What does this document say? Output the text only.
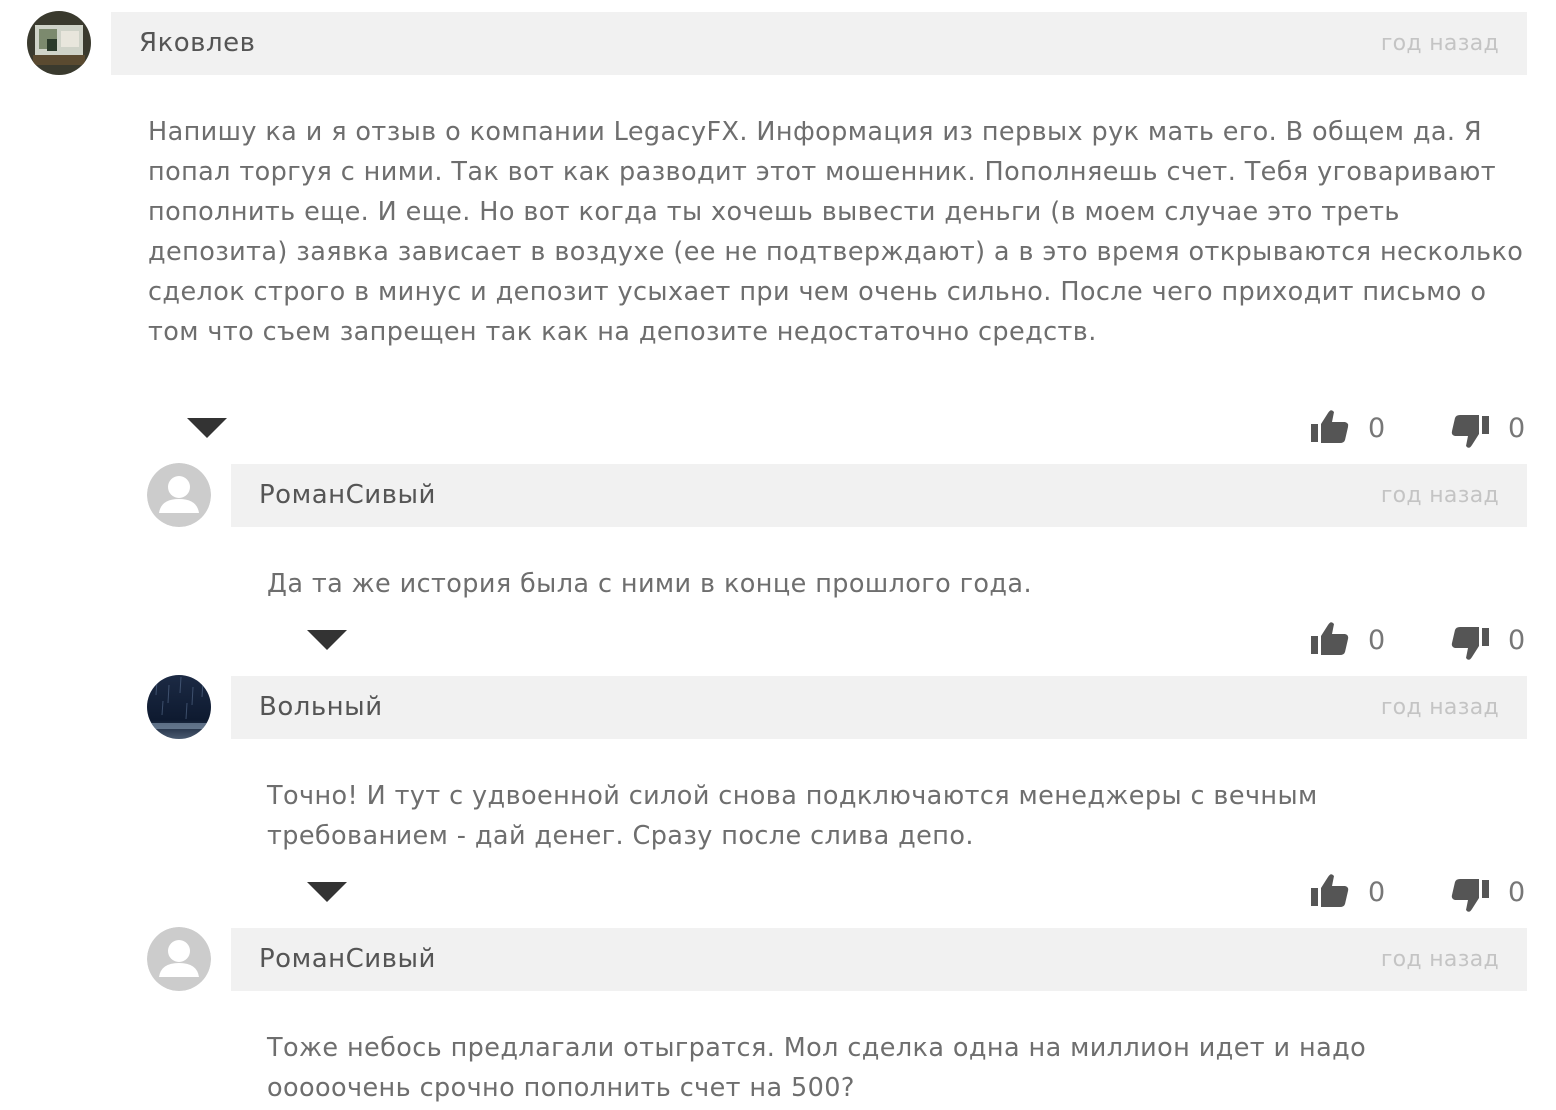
Яковлев	год назад
Напишу ка и я отзыв о компании LegacyFX. Информация из первых рук мать его. В общем да. Я попал торгуя с ними. Так вот как разводит этот мошенник. Пополняешь счет. Тебя уговаривают пополнить еще. И еще. Но вот когда ты хочешь вывести деньги (в моем случае это треть депозита) заявка зависает в воздухе (ее не подтверждают) а в это время открываются несколько сделок строго в минус и депозит усыхает при чем очень сильно. После чего приходит письмо о том что съем запрещен так как на депозите недостаточно средств.
0	0
РоманСивый	год назад
Да та же история была с ними в конце прошлого года.
0	0
Вольный	год назад
Точно! И тут с удвоенной силой снова подключаются менеджеры с вечным требованием - дай денег. Сразу после слива депо.
0	0
РоманСивый	год назад
Тоже небось предлагали отыгратся. Мол сделка одна на миллион идет и надо ооооочень срочно пополнить счет на 500?
